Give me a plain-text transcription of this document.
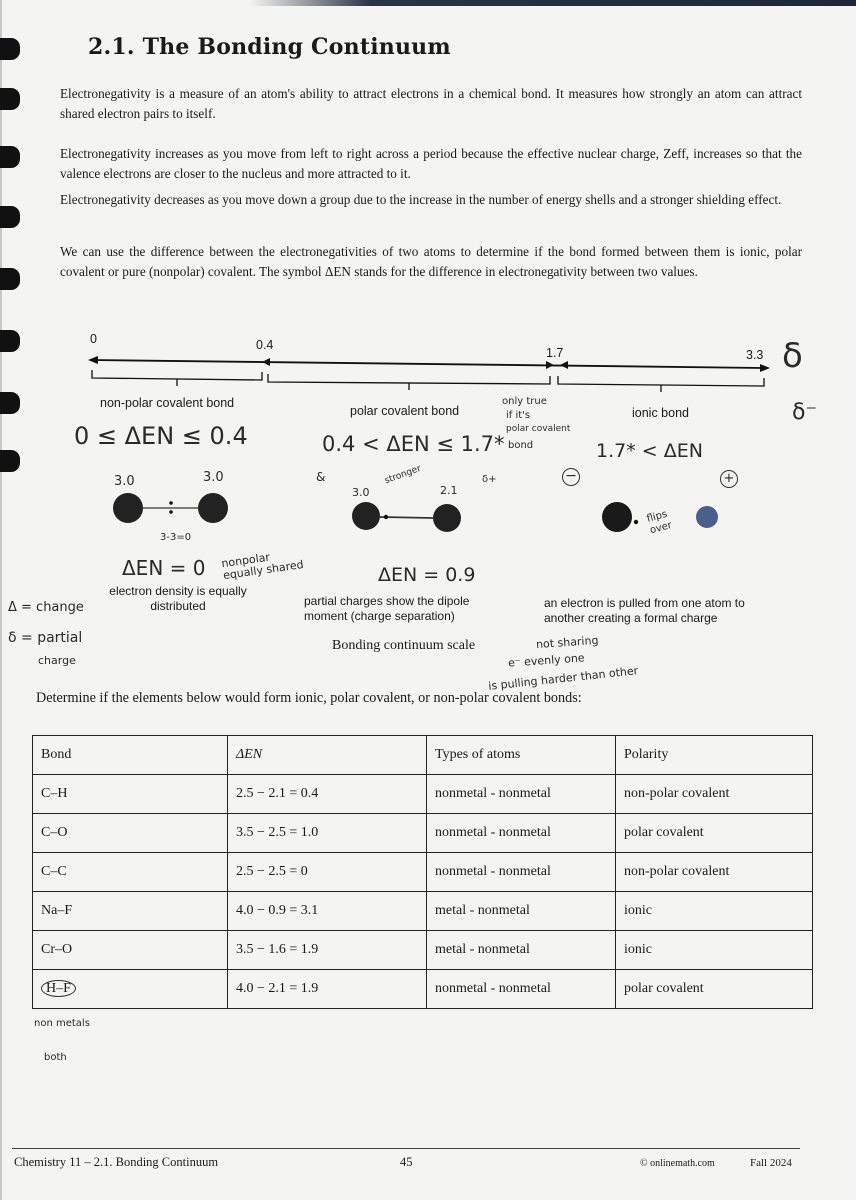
2.1. The Bonding Continuum
Electronegativity is a measure of an atom's ability to attract electrons in a chemical bond. It measures how strongly an atom can attract shared electron pairs to itself.
Electronegativity increases as you move from left to right across a period because the effective nuclear charge, Zeff, increases so that the valence electrons are closer to the nucleus and more attracted to it.
Electronegativity decreases as you move down a group due to the increase in the number of energy shells and a stronger shielding effect.
We can use the difference between the electronegativities of two atoms to determine if the bond formed between them is ionic, polar covalent or pure (nonpolar) covalent. The symbol ΔEN stands for the difference in electronegativity between two values.
0	0.4
1.7	3.3
non-polar covalent bond
polar covalent bond	ionic bond
3.0	3.0
3.0	2.1
electron density is equally distributed	partial charges show the dipole moment (charge separation)
an electron is pulled from one atom to another creating a formal charge
Bonding continuum scale
0 ≤ ΔEN ≤ 0.4	0.4 < ΔEN ≤ 1.7*	1.7* < ΔEN
3-3=0
ΔEN = 0 nonpolar equally shared	ΔEN = 0.9
only true
if it's
polar covalent
bond
stronger
not sharing
e⁻ evenly one
is pulling harder than other
flips over
Δ = change
δ = partial
charge
non metals
both
−	+
δ
δ⁻
&	δ+
Determine if the elements below would form ionic, polar covalent, or non-polar covalent bonds:
Bond	ΔEN	Types of atoms	Polarity
C–H	2.5 − 2.1 = 0.4	nonmetal - nonmetal	non-polar covalent
C–O	3.5 − 2.5 = 1.0	nonmetal - nonmetal	polar covalent
C–C	2.5 − 2.5 = 0	nonmetal - nonmetal	non-polar covalent
Na–F	4.0 − 0.9 = 3.1	metal - nonmetal	ionic
Cr–O	3.5 − 1.6 = 1.9	metal - nonmetal	ionic
H–F	4.0 − 2.1 = 1.9	nonmetal - nonmetal	polar covalent
Chemistry 11 – 2.1. Bonding Continuum	45	© onlinemath.com	Fall 2024
